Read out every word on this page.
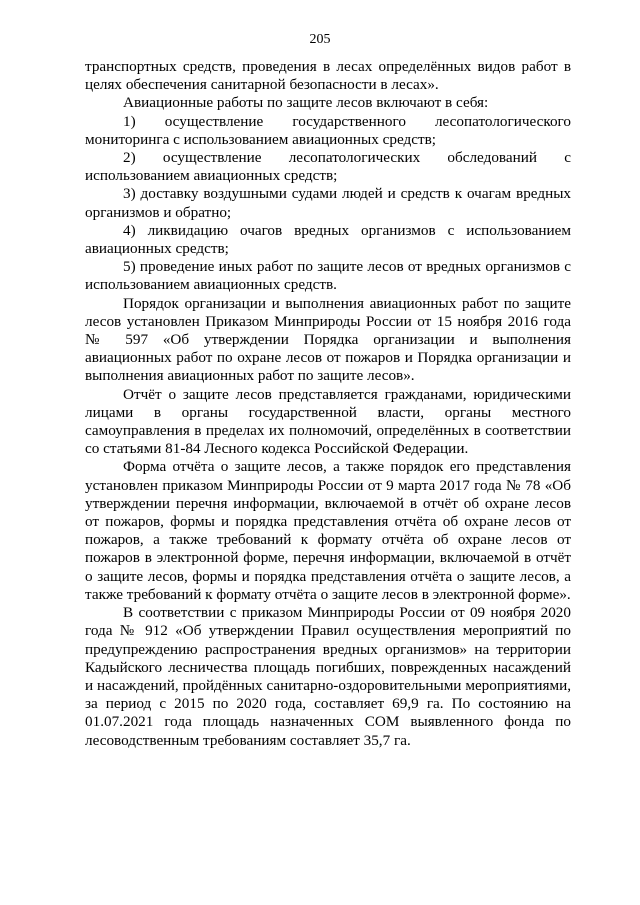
205

транспортных средств, проведения в лесах определённых видов работ в целях обеспечения санитарной безопасности в лесах».

Авиационные работы по защите лесов включают в себя:

1) осуществление государственного лесопатологического мониторинга с использованием авиационных средств;

2) осуществление лесопатологических обследований с использованием авиационных средств;

3) доставку воздушными судами людей и средств к очагам вредных организмов и обратно;

4) ликвидацию очагов вредных организмов с использованием авиационных средств;

5) проведение иных работ по защите лесов от вредных организмов с использованием авиационных средств.

Порядок организации и выполнения авиационных работ по защите лесов установлен Приказом Минприроды России от 15 ноября 2016 года № 597 «Об утверждении Порядка организации и выполнения авиационных работ по охране лесов от пожаров и Порядка организации и выполнения авиационных работ по защите лесов».

Отчёт о защите лесов представляется гражданами, юридическими лицами в органы государственной власти, органы местного самоуправления в пределах их полномочий, определённых в соответствии со статьями 81-84 Лесного кодекса Российской Федерации.

Форма отчёта о защите лесов, а также порядок его представления установлен приказом Минприроды России от 9 марта 2017 года № 78 «Об утверждении перечня информации, включаемой в отчёт об охране лесов от пожаров, формы и порядка представления отчёта об охране лесов от пожаров, а также требований к формату отчёта об охране лесов от пожаров в электронной форме, перечня информации, включаемой в отчёт о защите лесов, формы и порядка представления отчёта о защите лесов, а также требований к формату отчёта о защите лесов в электронной форме».

В соответствии с приказом Минприроды России от 09 ноября 2020 года № 912 «Об утверждении Правил осуществления мероприятий по предупреждению распространения вредных организмов» на территории Кадыйского лесничества площадь погибших, поврежденных насаждений и насаждений, пройдённых санитарно-оздоровительными мероприятиями, за период с 2015 по 2020 года, составляет 69,9 га. По состоянию на 01.07.2021 года площадь назначенных СОМ выявленного фонда по лесоводственным требованиям составляет 35,7 га.
